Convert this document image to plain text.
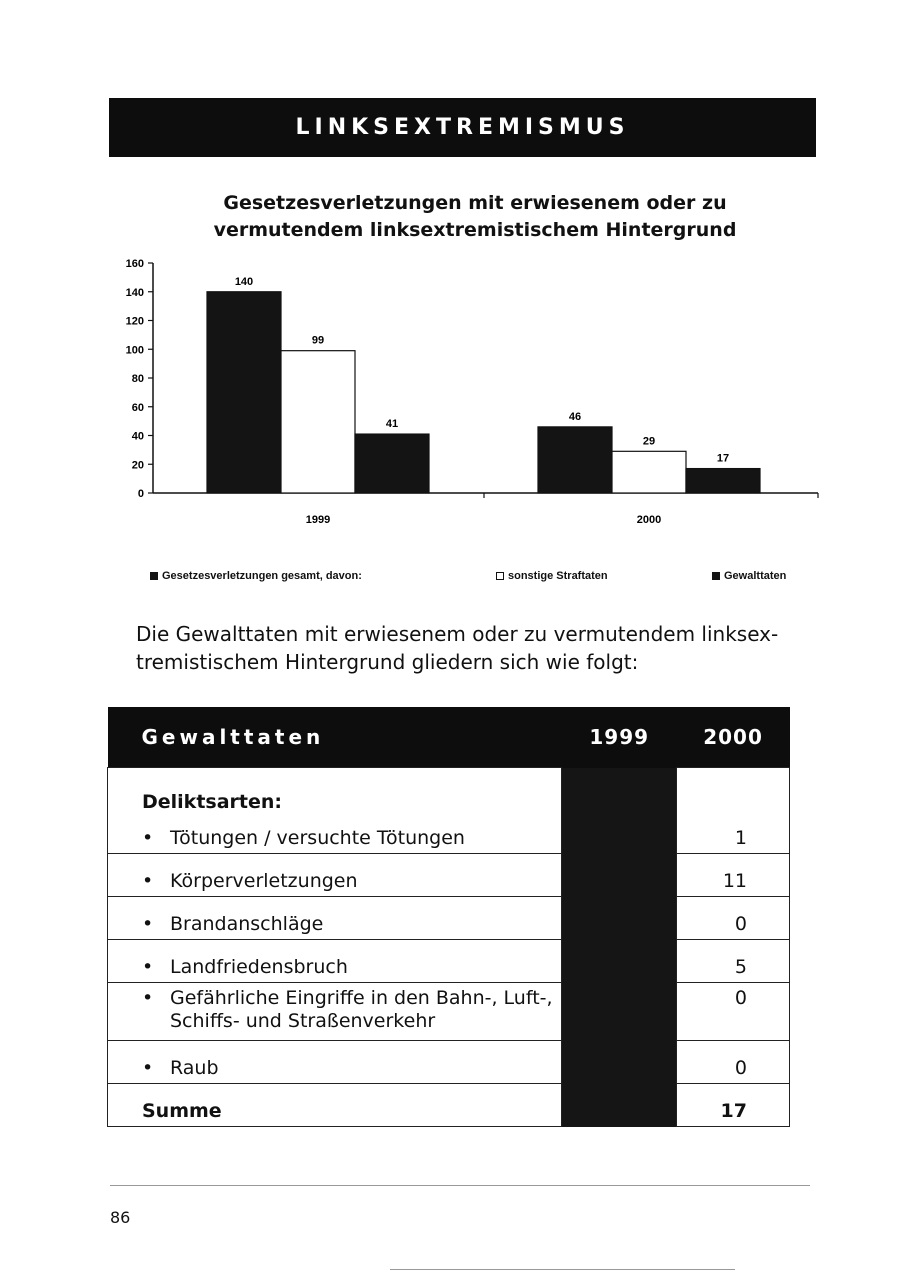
LINKSEXTREMISMUS
Gesetzesverletzungen mit erwiesenem oder zu
vermutendem linksextremistischem Hintergrund
0
20
40
60
80
100
120
140
160
140
99
41
1999
46
29
17
2000
Gesetzesverletzungen gesamt, davon:	sonstige Straftaten	Gewalttaten
Die Gewalttaten mit erwiesenem oder zu vermutendem linksex-
tremistischem Hintergrund gliedern sich wie folgt:
Gewalttaten	1999	2000

Deliktsarten:
• Tötungen / versuchte Tötungen		1

• Körperverletzungen		11

• Brandanschläge		0

• Landfriedensbruch		5

• Gefährliche Eingriffe in den Bahn-, Luft-, Schiffs- und Straßenverkehr		0

• Raub		0
Summe		17
86
